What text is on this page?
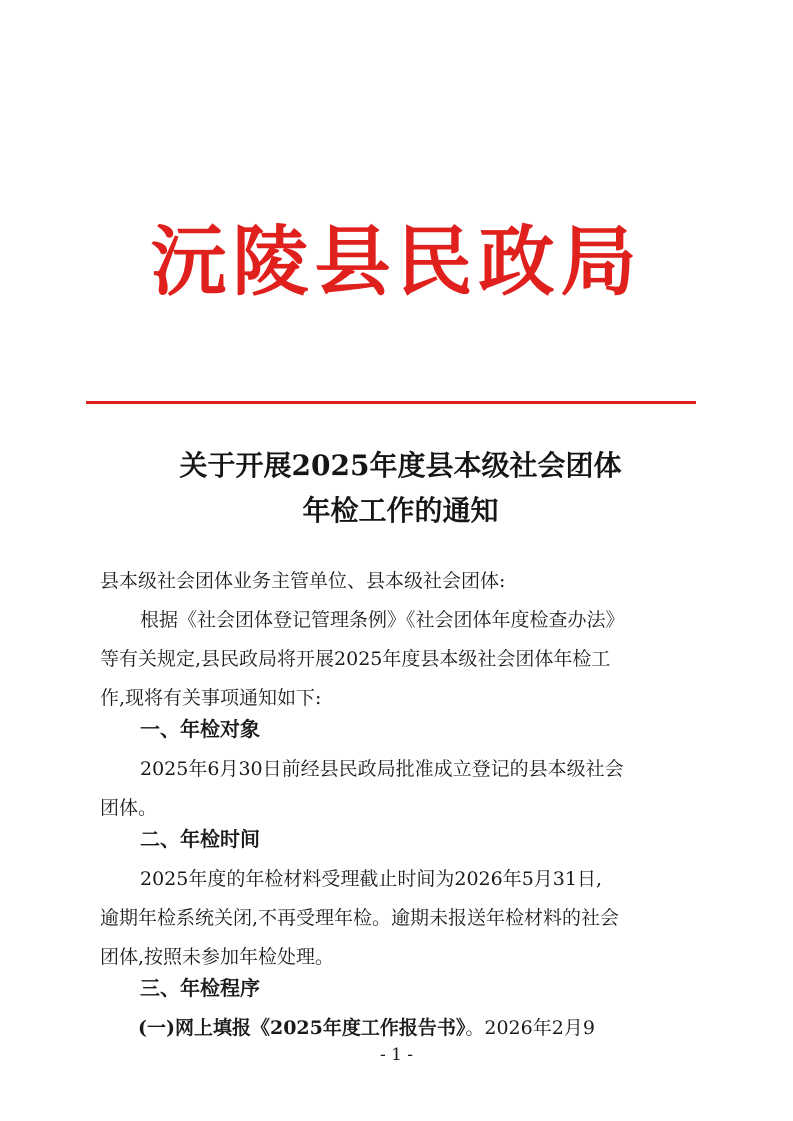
沅陵县民政局
关于开展2025年度县本级社会团体
年检工作的通知
县本级社会团体业务主管单位、县本级社会团体:
根据《社会团体登记管理条例》《社会团体年度检查办法》
等有关规定,县民政局将开展2025年度县本级社会团体年检工
作,现将有关事项通知如下:
一、年检对象
2025年6月30日前经县民政局批准成立登记的县本级社会
团体。
二、年检时间
2025年度的年检材料受理截止时间为2026年5月31日,
逾期年检系统关闭,不再受理年检。逾期未报送年检材料的社会
团体,按照未参加年检处理。
三、年检程序
(一)网上填报《2025年度工作报告书》。2026年2月9
- 1 -
